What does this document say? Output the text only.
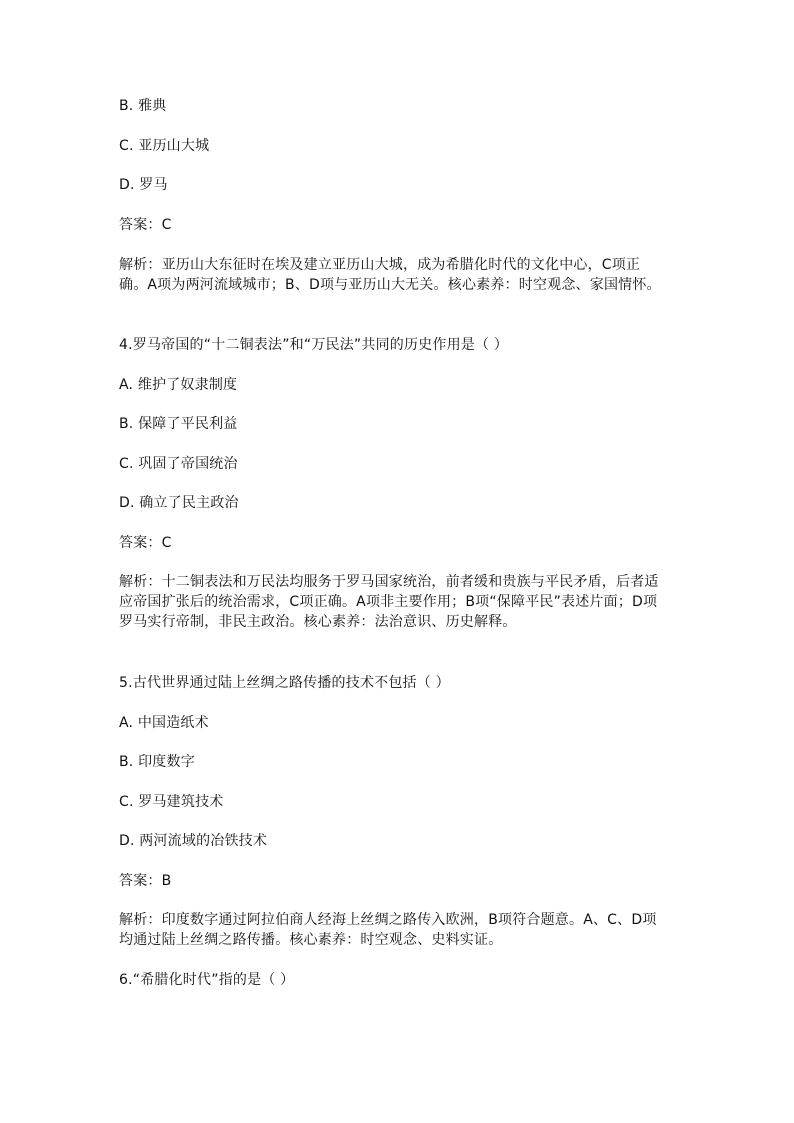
B. 雅典
C. 亚历山大城
D. 罗马
答案：C
解析：亚历山大东征时在埃及建立亚历山大城，成为希腊化时代的文化中心，C项正确。A项为两河流域城市；B、D项与亚历山大无关。核心素养：时空观念、家国情怀。
4.罗马帝国的“十二铜表法”和“万民法”共同的历史作用是（ ）
A. 维护了奴隶制度
B. 保障了平民利益
C. 巩固了帝国统治
D. 确立了民主政治
答案：C
解析：十二铜表法和万民法均服务于罗马国家统治，前者缓和贵族与平民矛盾，后者适应帝国扩张后的统治需求，C项正确。A项非主要作用；B项“保障平民”表述片面；D项罗马实行帝制，非民主政治。核心素养：法治意识、历史解释。
5.古代世界通过陆上丝绸之路传播的技术不包括（ ）
A. 中国造纸术
B. 印度数字
C. 罗马建筑技术
D. 两河流域的冶铁技术
答案：B
解析：印度数字通过阿拉伯商人经海上丝绸之路传入欧洲，B项符合题意。A、C、D项均通过陆上丝绸之路传播。核心素养：时空观念、史料实证。
6.“希腊化时代”指的是（ ）
